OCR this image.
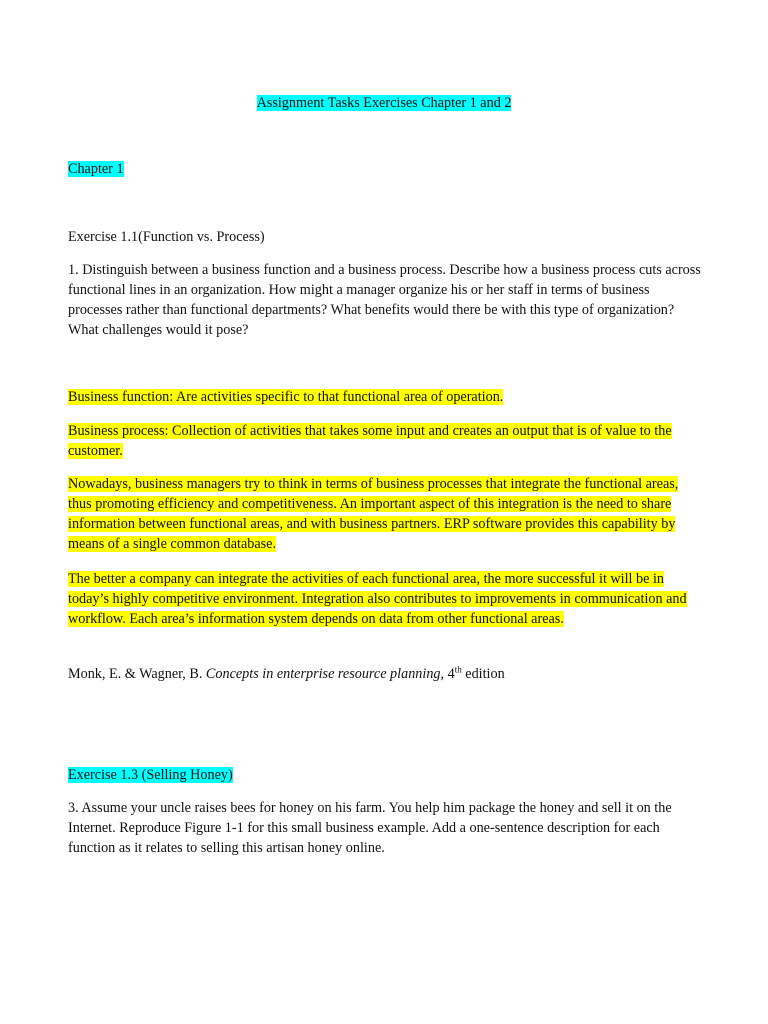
Assignment Tasks Exercises Chapter 1 and 2

Chapter 1

Exercise 1.1(Function vs. Process)

1. Distinguish between a business function and a business process. Describe how a business process cuts across functional lines in an organization. How might a manager organize his or her staff in terms of business processes rather than functional departments? What benefits would there be with this type of organization? What challenges would it pose?

Business function: Are activities specific to that functional area of operation.

Business process: Collection of activities that takes some input and creates an output that is of value to the customer.

Nowadays, business managers try to think in terms of business processes that integrate the functional areas, thus promoting efficiency and competitiveness. An important aspect of this integration is the need to share information between functional areas, and with business partners. ERP software provides this capability by means of a single common database.

The better a company can integrate the activities of each functional area, the more successful it will be in today’s highly competitive environment. Integration also contributes to improvements in communication and workflow. Each area’s information system depends on data from other functional areas.

Monk, E. & Wagner, B. Concepts in enterprise resource planning, 4th edition

Exercise 1.3 (Selling Honey)

3. Assume your uncle raises bees for honey on his farm. You help him package the honey and sell it on the Internet. Reproduce Figure 1-1 for this small business example. Add a one-sentence description for each function as it relates to selling this artisan honey online.
